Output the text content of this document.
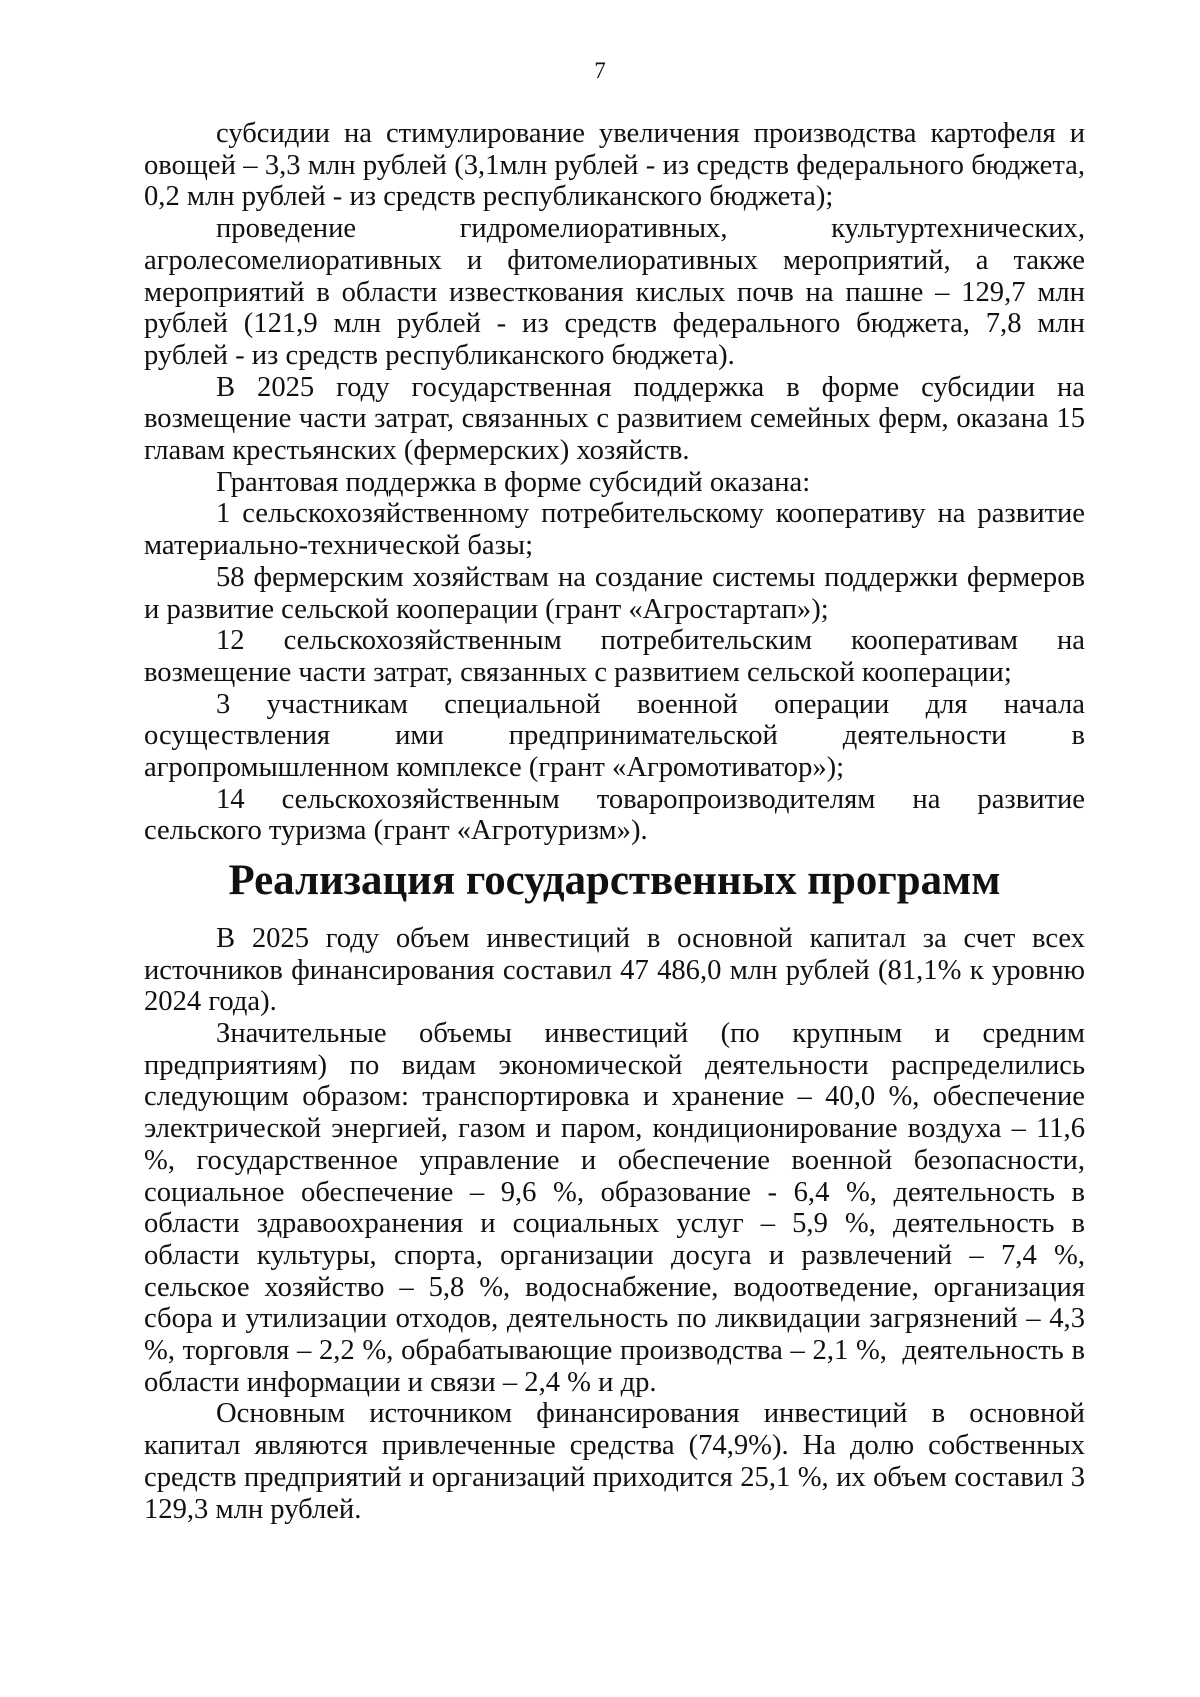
7

субсидии на стимулирование увеличения производства картофеля и овощей – 3,3 млн рублей (3,1млн рублей - из средств федерального бюджета, 0,2 млн рублей - из средств республиканского бюджета);

проведение гидромелиоративных, культуртехнических, агролесомелиоративных и фитомелиоративных мероприятий, а также мероприятий в области известкования кислых почв на пашне – 129,7 млн рублей (121,9 млн рублей - из средств федерального бюджета, 7,8 млн рублей - из средств республиканского бюджета).

В 2025 году государственная поддержка в форме субсидии на возмещение части затрат, связанных с развитием семейных ферм, оказана 15 главам крестьянских (фермерских) хозяйств.

Грантовая поддержка в форме субсидий оказана:

1 сельскохозяйственному потребительскому кооперативу на развитие материально-технической базы;

58 фермерским хозяйствам на создание системы поддержки фермеров и развитие сельской кооперации (грант «Агростартап»);

12 сельскохозяйственным потребительским кооперативам на возмещение части затрат, связанных с развитием сельской кооперации;

3 участникам специальной военной операции для начала осуществления ими предпринимательской деятельности в агропромышленном комплексе (грант «Агромотиватор»);

14 сельскохозяйственным товаропроизводителям на развитие сельского туризма (грант «Агротуризм»).

Реализация государственных программ

В 2025 году объем инвестиций в основной капитал за счет всех источников финансирования составил 47 486,0 млн рублей (81,1% к уровню 2024 года).

Значительные объемы инвестиций (по крупным и средним предприятиям) по видам экономической деятельности распределились следующим образом: транспортировка и хранение – 40,0 %, обеспечение электрической энергией, газом и паром, кондиционирование воздуха – 11,6 %, государственное управление и обеспечение военной безопасности, социальное обеспечение – 9,6 %, образование - 6,4 %, деятельность в области здравоохранения и социальных услуг – 5,9 %, деятельность в области культуры, спорта, организации досуга и развлечений – 7,4 %, сельское хозяйство – 5,8 %, водоснабжение, водоотведение, организация сбора и утилизации отходов, деятельность по ликвидации загрязнений – 4,3 %, торговля – 2,2 %, обрабатывающие производства – 2,1 %,  деятельность в области информации и связи – 2,4 % и др.

Основным источником финансирования инвестиций в основной капитал являются привлеченные средства (74,9%). На долю собственных средств предприятий и организаций приходится 25,1 %, их объем составил 3 129,3 млн рублей.
